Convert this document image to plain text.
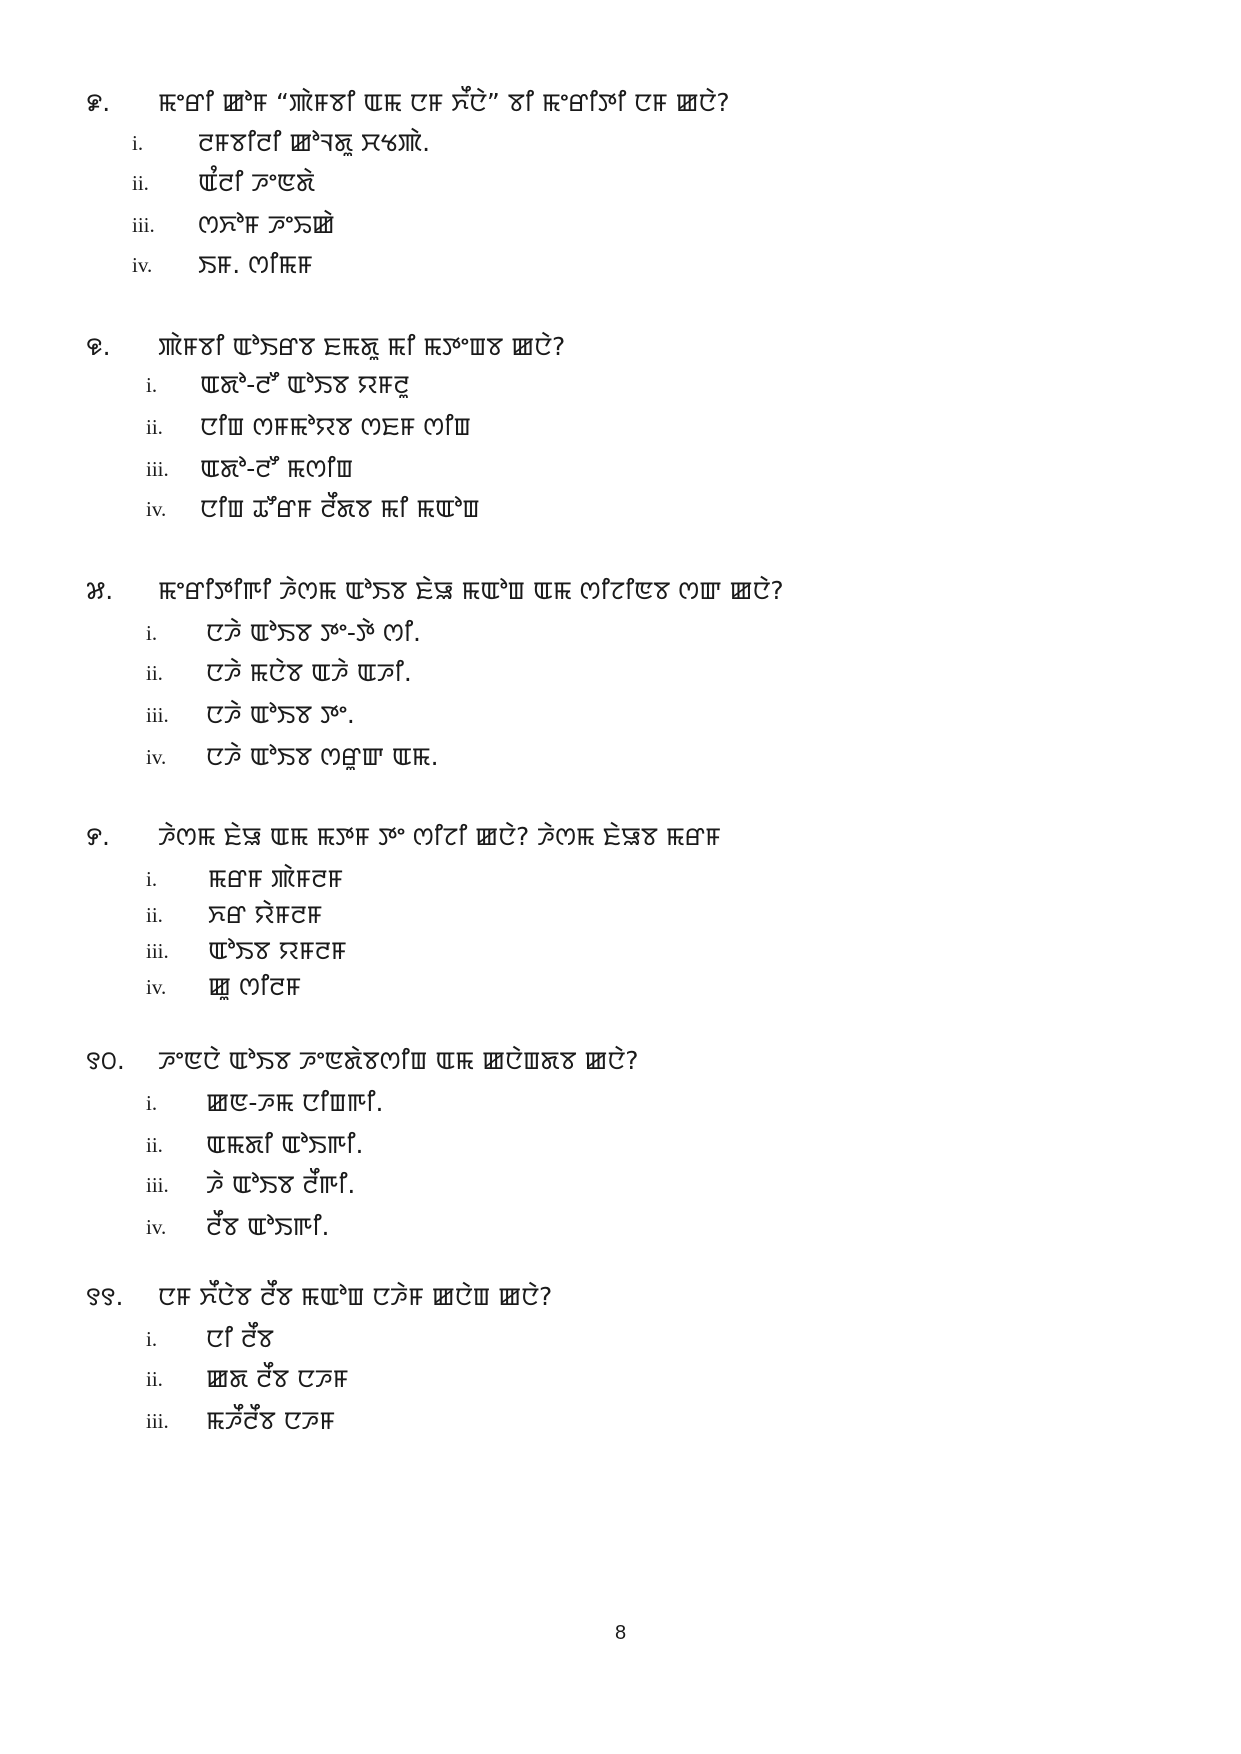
꯹. ꯃꯦꯔꯤ ꯀꯣꯝ “ꯄꯥꯝꯕꯤ ꯑꯃ ꯅꯝ ꯈꯩꯅꯥ” ꯕꯤ ꯃꯦꯔꯤꯇꯤ ꯅꯝ ꯀꯅꯥ?
i. ꯂꯝꯕꯤꯂꯤ ꯀꯣꯜꯗꯨ ꯆꯠꯄꯥ.
ii. ꯑꯪꯂꯤ ꯍꯦꯟꯗꯥ
iii. ꯁꯈꯣꯝ ꯍꯦꯢꯀꯥ
iv. ꯏꯝ. ꯁꯤꯃꯝ
꯶. ꯄꯥꯝꯕꯤ ꯑꯣꯏꯔꯕ ꯐꯃꯗꯨ ꯃꯤ ꯃꯇꯦꯡꯕ ꯀꯅꯥ?
i. ꯑꯗꯣ-ꯂꯧ ꯑꯣꯏꯕ ꯌꯝꯂꯨ
ii. ꯅꯤꯡ ꯁꯝꯃꯣꯌꯕ ꯁꯐꯝ ꯁꯤꯡ
iii. ꯑꯗꯣ-ꯂꯧ ꯃꯁꯤꯡ
iv. ꯅꯤꯡ ꯊꯧꯔꯝ ꯂꯩꯗꯕ ꯃꯤ ꯃꯑꯣꯡ
꯷. ꯃꯦꯔꯤꯇꯤꯒꯤ ꯍꯥꯁꯃ ꯑꯣꯏꯕ ꯐꯥꯎ ꯃꯑꯣꯡ ꯑꯃ ꯁꯤꯖꯤꯟꯕ ꯁꯛ ꯀꯅꯥ?
i. ꯅꯍꯥ ꯑꯣꯏꯕ ꯇꯦ-ꯇꯥ ꯁꯤ.
ii. ꯅꯍꯥ ꯃꯅꯥꯕ ꯑꯍꯥ ꯑꯍꯤ.
iii. ꯅꯍꯥ ꯑꯣꯏꯕ ꯇꯦ.
iv. ꯅꯍꯥ ꯑꯣꯏꯕ ꯁꯔꯨꯛ ꯑꯃ.
꯸. ꯍꯥꯁꯃ ꯐꯥꯎ ꯑꯃ ꯃꯇꯝ ꯇꯦ ꯁꯤꯖꯤ ꯀꯅꯥ? ꯍꯥꯁꯃ ꯐꯥꯎꯕ ꯃꯔꯝ
i. ꯃꯔꯝ ꯄꯥꯝꯂꯝ
ii. ꯈꯔ ꯌꯥꯝꯂꯝ
iii. ꯑꯣꯏꯕ ꯌꯝꯂꯝ
iv. ꯀꯨ ꯁꯤꯂꯝ
꯱꯰. ꯍꯦꯟꯅꯥ ꯑꯣꯏꯕ ꯍꯦꯟꯗꯥꯕꯁꯤꯡ ꯑꯃ ꯀꯅꯥꯡꯗꯕ ꯀꯅꯥ?
i. ꯀꯟ-ꯍꯃ ꯅꯤꯡꯒꯤ.
ii. ꯑꯃꯗꯤ ꯑꯣꯏꯒꯤ.
iii. ꯍꯥ ꯑꯣꯏꯕ ꯂꯩꯒꯤ.
iv. ꯂꯩꯕ ꯑꯣꯏꯒꯤ.
꯱꯱. ꯅꯝ ꯈꯩꯅꯥꯕ ꯂꯩꯕ ꯃꯑꯣꯡ ꯅꯍꯥꯝ ꯀꯅꯥꯡ ꯀꯅꯥ?
i. ꯅꯤ ꯂꯩꯕ
ii. ꯀꯗ ꯂꯩꯕ ꯅꯍꯝ
iii. ꯃꯍꯩꯂꯩꯕ ꯅꯍꯝ
8
